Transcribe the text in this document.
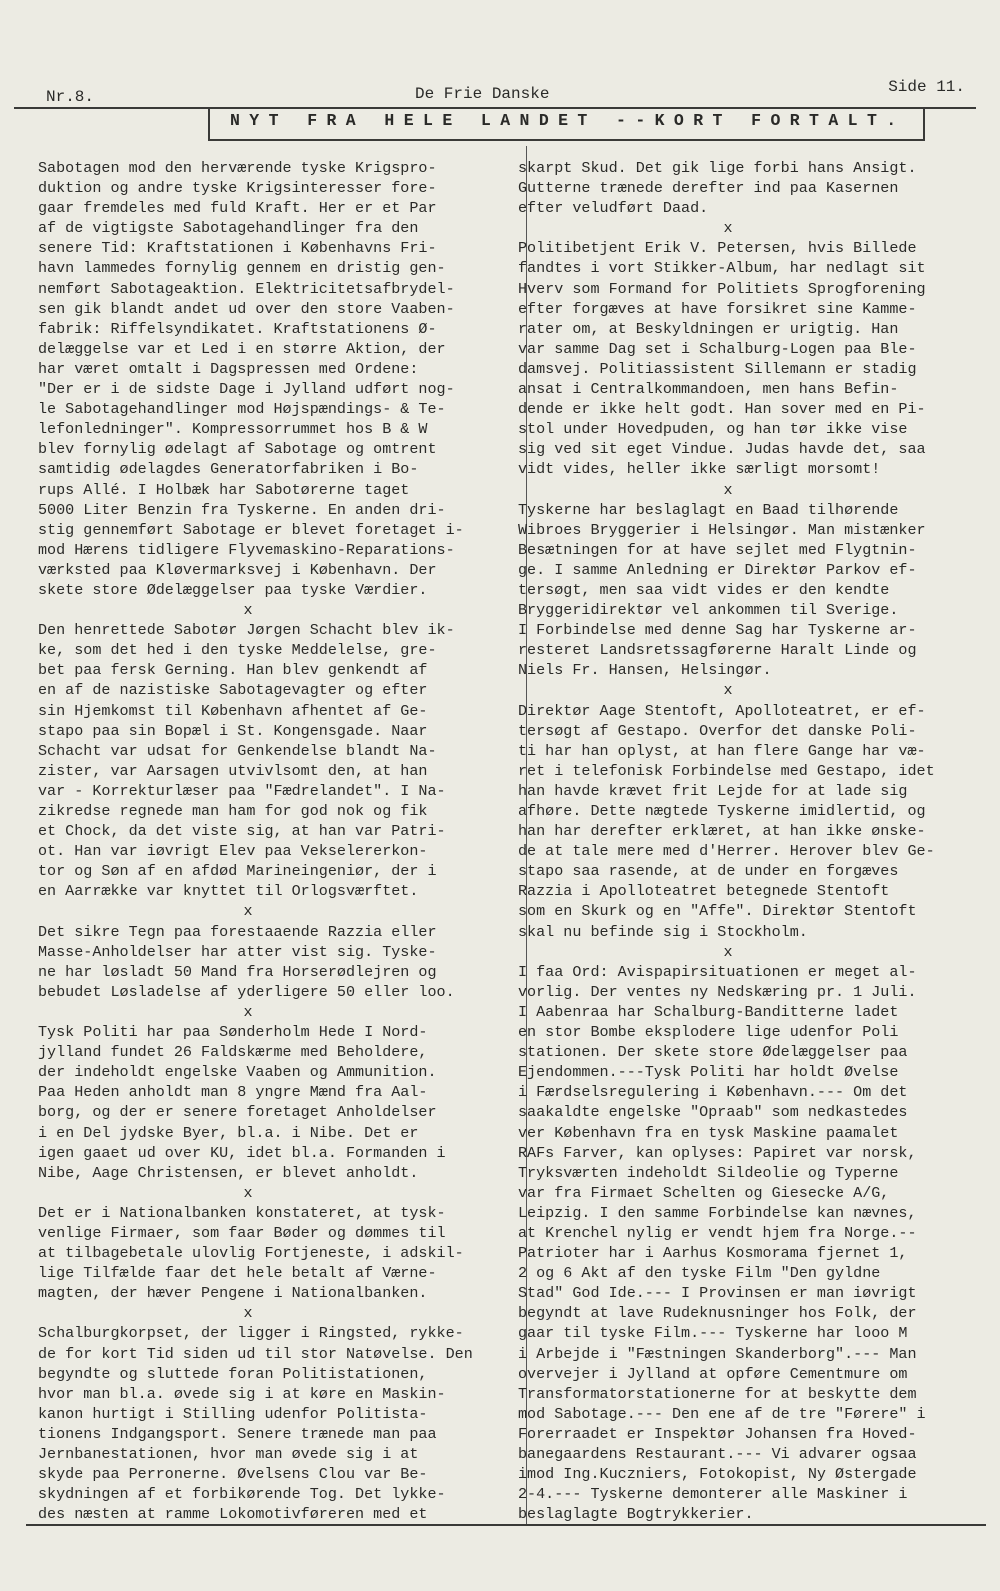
Nr.8.	De Frie Danske	Side 11.
NYT FRA HELE LANDET --KORT FORTALT.
Sabotagen mod den herværende tyske Krigspro-
duktion og andre tyske Krigsinteresser fore-
gaar fremdeles med fuld Kraft. Her er et Par
af de vigtigste Sabotagehandlinger fra den
senere Tid: Kraftstationen i Københavns Fri-
havn lammedes fornylig gennem en dristig gen-
nemført Sabotageaktion. Elektricitetsafbrydel-
sen gik blandt andet ud over den store Vaaben-
fabrik: Riffelsyndikatet. Kraftstationens Ø-
delæggelse var et Led i en større Aktion, der
har været omtalt i Dagspressen med Ordene:
"Der er i de sidste Dage i Jylland udført nog-
le Sabotagehandlinger mod Højspændings- & Te-
lefonledninger". Kompressorrummet hos B & W
blev fornylig ødelagt af Sabotage og omtrent
samtidig ødelagdes Generatorfabriken i Bo-
rups Allé. I Holbæk har Sabotørerne taget
5000 Liter Benzin fra Tyskerne. En anden dri-
stig gennemført Sabotage er blevet foretaget i-
mod Hærens tidligere Flyvemaskino-Reparations-
værksted paa Kløvermarksvej i København. Der
skete store Ødelæggelser paa tyske Værdier.
x
Den henrettede Sabotør Jørgen Schacht blev ik-
ke, som det hed i den tyske Meddelelse, gre-
bet paa fersk Gerning. Han blev genkendt af
en af de nazistiske Sabotagevagter og efter
sin Hjemkomst til København afhentet af Ge-
stapo paa sin Bopæl i St. Kongensgade. Naar
Schacht var udsat for Genkendelse blandt Na-
zister, var Aarsagen utvivlsomt den, at han
var - Korrekturlæser paa "Fædrelandet". I Na-
zikredse regnede man ham for god nok og fik
et Chock, da det viste sig, at han var Patri-
ot. Han var iøvrigt Elev paa Vekselererkon-
tor og Søn af en afdød Marineingeniør, der i
en Aarrække var knyttet til Orlogsværftet.
x
Det sikre Tegn paa forestaaende Razzia eller
Masse-Anholdelser har atter vist sig. Tyske-
ne har løsladt 50 Mand fra Horserødlejren og
bebudet Løsladelse af yderligere 50 eller loo.
x
Tysk Politi har paa Sønderholm Hede I Nord-
jylland fundet 26 Faldskærme med Beholdere,
der indeholdt engelske Vaaben og Ammunition.
Paa Heden anholdt man 8 yngre Mænd fra Aal-
borg, og der er senere foretaget Anholdelser
i en Del jydske Byer, bl.a. i Nibe. Det er
igen gaaet ud over KU, idet bl.a. Formanden i
Nibe, Aage Christensen, er blevet anholdt.
x
Det er i Nationalbanken konstateret, at tysk-
venlige Firmaer, som faar Bøder og dømmes til
at tilbagebetale ulovlig Fortjeneste, i adskil-
lige Tilfælde faar det hele betalt af Værne-
magten, der hæver Pengene i Nationalbanken.
x
Schalburgkorpset, der ligger i Ringsted, rykke-
de for kort Tid siden ud til stor Natøvelse. Den
begyndte og sluttede foran Politistationen,
hvor man bl.a. øvede sig i at køre en Maskin-
kanon hurtigt i Stilling udenfor Politista-
tionens Indgangsport. Senere trænede man paa
Jernbanestationen, hvor man øvede sig i at
skyde paa Perronerne. Øvelsens Clou var Be-
skydningen af et forbikørende Tog. Det lykke-
des næsten at ramme Lokomotivføreren med et
skarpt Skud. Det gik lige forbi hans Ansigt.
Gutterne trænede derefter ind paa Kasernen
efter veludført Daad.
x
Politibetjent Erik V. Petersen, hvis Billede
fandtes i vort Stikker-Album, har nedlagt sit
Hverv som Formand for Politiets Sprogforening
efter forgæves at have forsikret sine Kamme-
rater om, at Beskyldningen er urigtig. Han
var samme Dag set i Schalburg-Logen paa Ble-
damsvej. Politiassistent Sillemann er stadig
ansat i Centralkommandoen, men hans Befin-
dende er ikke helt godt. Han sover med en Pi-
stol under Hovedpuden, og han tør ikke vise
sig ved sit eget Vindue. Judas havde det, saa
vidt vides, heller ikke særligt morsomt!
x
Tyskerne har beslaglagt en Baad tilhørende
Wibroes Bryggerier i Helsingør. Man mistænker
Besætningen for at have sejlet med Flygtnin-
ge. I samme Anledning er Direktør Parkov ef-
tersøgt, men saa vidt vides er den kendte
Bryggeridirektør vel ankommen til Sverige.
I Forbindelse med denne Sag har Tyskerne ar-
resteret Landsretssagførerne Haralt Linde og
Niels Fr. Hansen, Helsingør.
x
Direktør Aage Stentoft, Apolloteatret, er ef-
tersøgt af Gestapo. Overfor det danske Poli-
ti har han oplyst, at han flere Gange har væ-
ret i telefonisk Forbindelse med Gestapo, idet
han havde krævet frit Lejde for at lade sig
afhøre. Dette nægtede Tyskerne imidlertid, og
han har derefter erklæret, at han ikke ønske-
de at tale mere med d'Herrer. Herover blev Ge-
stapo saa rasende, at de under en forgæves
Razzia i Apolloteatret betegnede Stentoft
som en Skurk og en "Affe". Direktør Stentoft
skal nu befinde sig i Stockholm.
x
I faa Ord: Avispapirsituationen er meget al-
vorlig. Der ventes ny Nedskæring pr. 1 Juli.
I Aabenraa har Schalburg-Banditterne ladet
en stor Bombe eksplodere lige udenfor Poli
stationen. Der skete store Ødelæggelser paa
Ejendommen.---Tysk Politi har holdt Øvelse
i Færdselsregulering i København.--- Om det
saakaldte engelske "Opraab" som nedkastedes
ver København fra en tysk Maskine paamalet
RAFs Farver, kan oplyses: Papiret var norsk,
Tryksværten indeholdt Sildeolie og Typerne
var fra Firmaet Schelten og Giesecke A/G,
Leipzig. I den samme Forbindelse kan nævnes,
at Krenchel nylig er vendt hjem fra Norge.--
Patrioter har i Aarhus Kosmorama fjernet 1,
2 og 6 Akt af den tyske Film "Den gyldne
Stad" God Ide.--- I Provinsen er man iøvrigt
begyndt at lave Rudeknusninger hos Folk, der
gaar til tyske Film.--- Tyskerne har looo M
i Arbejde i "Fæstningen Skanderborg".--- Man
overvejer i Jylland at opføre Cementmure om
Transformatorstationerne for at beskytte dem
mod Sabotage.--- Den ene af de tre "Førere" i
Forerraadet er Inspektør Johansen fra Hoved-
banegaardens Restaurant.--- Vi advarer ogsaa
imod Ing.Kuczniers, Fotokopist, Ny Østergade
2-4.--- Tyskerne demonterer alle Maskiner i
beslaglagte Bogtrykkerier.
